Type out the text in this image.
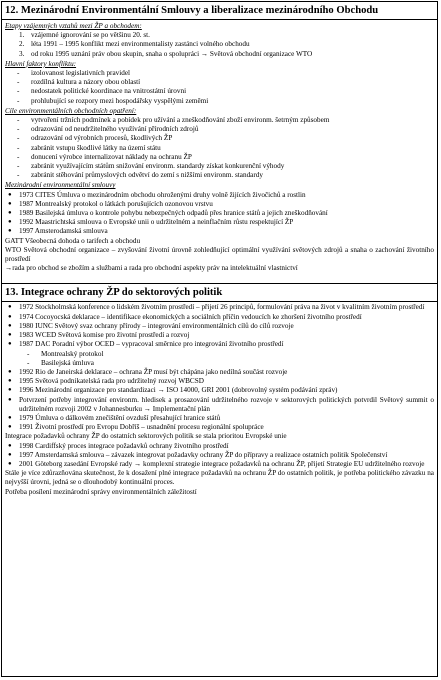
12. Mezinárodní Environmentální Smlouvy a liberalizace mezinárodního Obchodu

Etapy vzájemných vztahů mezi ŽP a obchodem:

1. vzájemné ignorování se po většinu 20. st.
2. léta 1991 – 1995 konflikt mezi environmentalisty zastánci volného obchodu
3. od roku 1995 uznání práv obou skupin, snaha o spolupráci → Světová obchodní organizace WTO

Hlavní faktory konfliktu:

- izolovanost legislativních pravidel
- rozdílná kultura a názory obou oblastí
- nedostatek politické koordinace na vnitrostátní úrovni
- prohlubující se rozpory mezi hospodářsky vyspělými zeměmi

Cíle environmentálních obchodních opatření:

- vytvoření tržních podmínek a pobídek pro užívání a zneškodňování zboží environm. šetrným způsobem
- odrazování od neudržitelného využívání přírodních zdrojů
- odrazování od výrobních procesů, škodlivých ŽP
- zabránit vstupu škodlivé látky na území státu
- donucení výrobce internalizovat náklady na ochranu ŽP
- zabránit využívajícím státům snižování environm. standardy získat konkurenční výhody
- zabránit stěhování průmyslových odvětví do zemí s nižšími environm. standardy

Mezinárodní environmentální smlouvy

● 1973 CITES Úmluva o mezinárodním obchodu ohroženými druhy volně žijících živočichů a rostlin
● 1987 Montrealský protokol o látkách porušujících ozonovou vrstvu
● 1989 Basilejská úmluva o kontrole pohybu nebezpečných odpadů přes hranice států a jejich zneškodňování
● 1992 Maastrichtská smlouva o Evropské unii o udržitelném a neinflačním růstu respektující ŽP
● 1997 Amsterodamská smlouva

GATT Všeobecná dohoda o tarifech a obchodu

WTO Světová obchodní organizace – zvyšování životní úrovně zohledňující optimální využívání světových zdrojů a snaha o zachování životního prostředí

→rada pro obchod se zbožím a službami a rada pro obchodní aspekty práv na intelektuální vlastnictví

13. Integrace ochrany ŽP do sektorových politik
● 1972 Stockholmská konference o lidském životním prostředí – přijetí 26 principů, formulování práva na život v kvalitním životním prostředí
● 1974 Cocoyocská deklarace – identifikace ekonomických a sociálních příčin vedoucích ke zhoršení životního prostředí
● 1980 IUNC Světový svaz ochrany přírody – integrování environmentálních cílů do cílů rozvoje
● 1983 WCED Světová komise pro životní prostředí a rozvoj
● 1987 DAC Poradní výbor OCED – vypracoval směrnice pro integrování životního prostředí
- Montrealský protokol
- Basilejská úmluva
● 1992 Rio de Janeirská deklarace – ochrana ŽP musí být chápána jako nedílná součást rozvoje
● 1995 Světová podnikatelská rada pro udržitelný rozvoj WBCSD
● 1996 Mezinárodní organizace pro standardizaci → ISO 14000, GRI 2001 (dobrovolný systém podávání zpráv)
● Potvrzení potřeby integrování environm. hledisek a prosazování udržitelného rozvoje v sektorových politických potvrdil Světový summit o udržitelném rozvoji 2002 v Johannesburku → Implementační plán
● 1979 Úmluva o dálkovém znečištění ovzduší přesahující hranice států
● 1991 Životní prostředí pro Evropu Dobříš – usnadnění procesu regionální spolupráce

Integrace požadavků ochrany ŽP do ostatních sektorových politik se stala prioritou Evropské unie

● 1998 Cardiffský proces integrace požadavků ochrany životního prostředí
● 1997 Amsterdamská smlouva – závazek integrovat požadavky ochrany ŽP do přípravy a realizace ostatních politik Společenství
● 2001 Göteborg zasedání Evropské rady → komplexní strategie integrace požadavků na ochranu ŽP, přijetí Strategie EU udržitelného rozvoje

Stále je více zdůrazňována skutečnost, že k dosažení plné integrace požadavků na ochranu ŽP do ostatních politik, je potřeba politického závazku na nejvyšší úrovni, jedná se o dlouhodobý kontinuální proces.

Potřeba posílení mezinárodní správy environmentálních záležitostí
